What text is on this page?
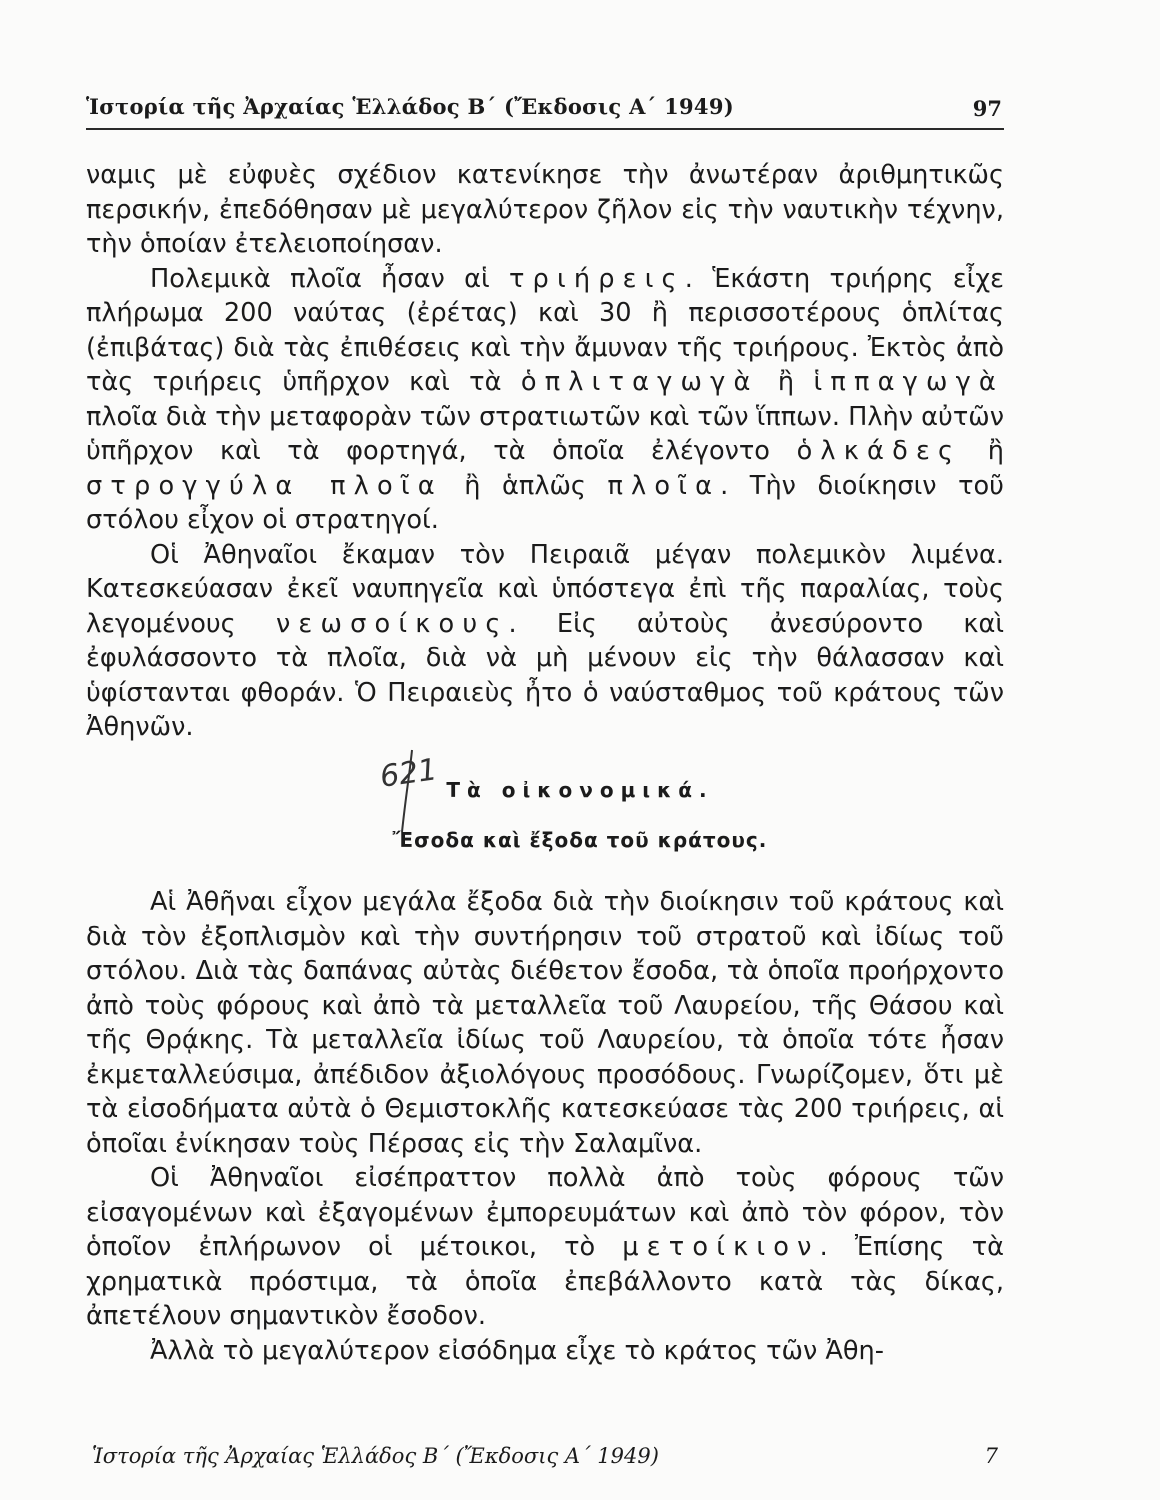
Ἱστορία τῆς Ἀρχαίας Ἑλλάδος Β΄ (Ἔκδοσις Α΄ 1949)	97

ναμις μὲ εὐφυὲς σχέδιον κατενίκησε τὴν ἀνωτέραν ἀριθμητικῶς περσικήν, ἐπεδόθησαν μὲ μεγαλύτερον ζῆλον εἰς τὴν ναυτικὴν τέχνην, τὴν ὁποίαν ἐτελειοποίησαν.

Πολεμικὰ πλοῖα ἦσαν αἱ τριήρεις. Ἑκάστη τριήρης εἶχε πλήρωμα 200 ναύτας (ἐρέτας) καὶ 30 ἢ περισσοτέρους ὁπλίτας (ἐπιβάτας) διὰ τὰς ἐπιθέσεις καὶ τὴν ἄμυναν τῆς τριήρους. Ἐκτὸς ἀπὸ τὰς τριήρεις ὑπῆρχον καὶ τὰ ὁπλιταγωγὰ ἢ ἱππαγωγὰ πλοῖα διὰ τὴν μεταφορὰν τῶν στρατιωτῶν καὶ τῶν ἵππων. Πλὴν αὐτῶν ὑπῆρχον καὶ τὰ φορτηγά, τὰ ὁποῖα ἐλέγοντο ὁλκάδες ἢ στρογγύλα πλοῖα ἢ ἁπλῶς πλοῖα. Τὴν διοίκησιν τοῦ στόλου εἶχον οἱ στρατηγοί.

Οἱ Ἀθηναῖοι ἔκαμαν τὸν Πειραιᾶ μέγαν πολεμικὸν λιμένα. Κατεσκεύασαν ἐκεῖ ναυπηγεῖα καὶ ὑπόστεγα ἐπὶ τῆς παραλίας, τοὺς λεγομένους νεωσοίκους. Εἰς αὐτοὺς ἀνεσύροντο καὶ ἐφυλάσσοντο τὰ πλοῖα, διὰ νὰ μὴ μένουν εἰς τὴν θάλασσαν καὶ ὑφίστανται φθοράν. Ὁ Πειραιεὺς ἦτο ὁ ναύσταθμος τοῦ κράτους τῶν Ἀθηνῶν.

621 Τὰ οἰκονομικά.
Ἔσοδα καὶ ἔξοδα τοῦ κράτους.

Αἱ Ἀθῆναι εἶχον μεγάλα ἔξοδα διὰ τὴν διοίκησιν τοῦ κράτους καὶ διὰ τὸν ἐξοπλισμὸν καὶ τὴν συντήρησιν τοῦ στρατοῦ καὶ ἰδίως τοῦ στόλου. Διὰ τὰς δαπάνας αὐτὰς διέθετον ἔσοδα, τὰ ὁποῖα προήρχοντο ἀπὸ τοὺς φόρους καὶ ἀπὸ τὰ μεταλλεῖα τοῦ Λαυρείου, τῆς Θάσου καὶ τῆς Θρᾴκης. Τὰ μεταλλεῖα ἰδίως τοῦ Λαυρείου, τὰ ὁποῖα τότε ἦσαν ἐκμεταλλεύσιμα, ἀπέδιδον ἀξιολόγους προσόδους. Γνωρίζομεν, ὅτι μὲ τὰ εἰσοδήματα αὐτὰ ὁ Θεμιστοκλῆς κατεσκεύασε τὰς 200 τριήρεις, αἱ ὁποῖαι ἐνίκησαν τοὺς Πέρσας εἰς τὴν Σαλαμῖνα.

Οἱ Ἀθηναῖοι εἰσέπραττον πολλὰ ἀπὸ τοὺς φόρους τῶν εἰσαγομένων καὶ ἐξαγομένων ἐμπορευμάτων καὶ ἀπὸ τὸν φόρον, τὸν ὁποῖον ἐπλήρωνον οἱ μέτοικοι, τὸ μετοίκιον. Ἐπίσης τὰ χρηματικὰ πρόστιμα, τὰ ὁποῖα ἐπεβάλλοντο κατὰ τὰς δίκας, ἀπετέλουν σημαντικὸν ἔσοδον.

Ἀλλὰ τὸ μεγαλύτερον εἰσόδημα εἶχε τὸ κράτος τῶν Ἀθη-

Ἱστορία τῆς Ἀρχαίας Ἑλλάδος Β΄ (Ἔκδοσις Α΄ 1949)	7
